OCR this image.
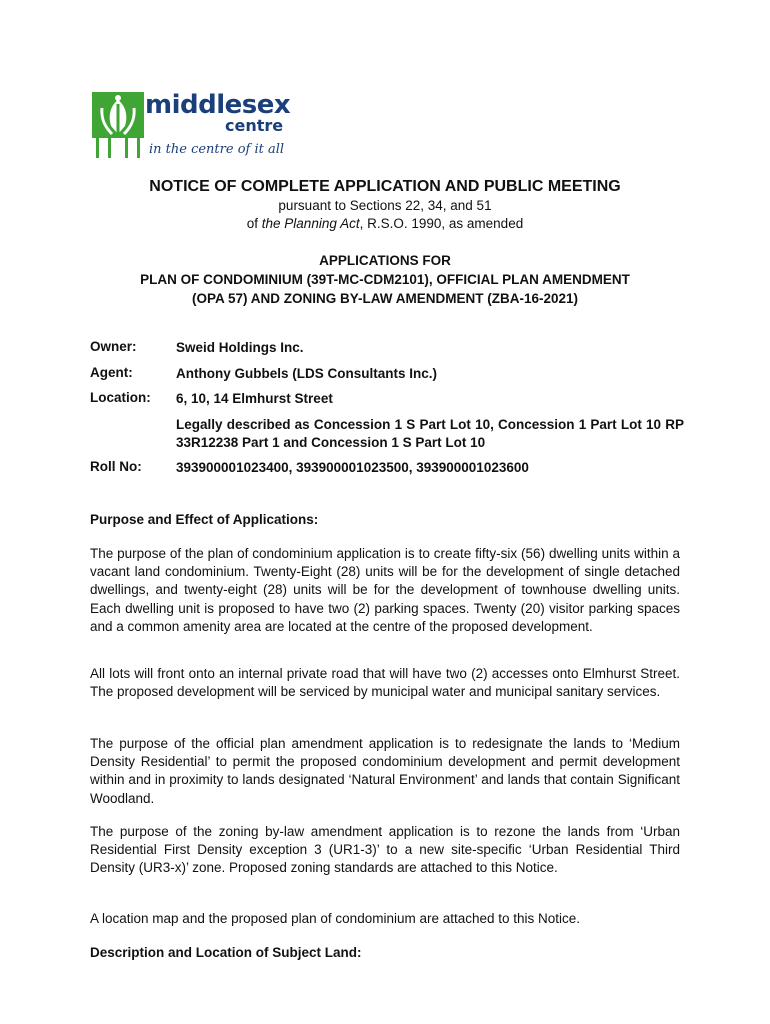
middlesex
centre
in the centre of it all
NOTICE OF COMPLETE APPLICATION AND PUBLIC MEETING
pursuant to Sections 22, 34, and 51
of the Planning Act, R.S.O. 1990, as amended
APPLICATIONS FOR
PLAN OF CONDOMINIUM (39T-MC-CDM2101), OFFICIAL PLAN AMENDMENT
(OPA 57) AND ZONING BY-LAW AMENDMENT (ZBA-16-2021)
Owner:	Sweid Holdings Inc.
Agent:	Anthony Gubbels (LDS Consultants Inc.)
Location: 6, 10, 14 Elmhurst Street
Legally described as Concession 1 S Part Lot 10, Concession 1 Part Lot 10 RP 33R12238 Part 1 and Concession 1 S Part Lot 10
Roll No:	393900001023400, 393900001023500, 393900001023600
Purpose and Effect of Applications:
The purpose of the plan of condominium application is to create fifty-six (56) dwelling units within a vacant land condominium. Twenty-Eight (28) units will be for the development of single detached dwellings, and twenty-eight (28) units will be for the development of townhouse dwelling units. Each dwelling unit is proposed to have two (2) parking spaces. Twenty (20) visitor parking spaces and a common amenity area are located at the centre of the proposed development.
All lots will front onto an internal private road that will have two (2) accesses onto Elmhurst Street. The proposed development will be serviced by municipal water and municipal sanitary services.
The purpose of the official plan amendment application is to redesignate the lands to ‘Medium Density Residential’ to permit the proposed condominium development and permit development within and in proximity to lands designated ‘Natural Environment’ and lands that contain Significant Woodland.
The purpose of the zoning by-law amendment application is to rezone the lands from ‘Urban Residential First Density exception 3 (UR1-3)’ to a new site-specific ‘Urban Residential Third Density (UR3-x)’ zone. Proposed zoning standards are attached to this Notice.
A location map and the proposed plan of condominium are attached to this Notice.
Description and Location of Subject Land:
